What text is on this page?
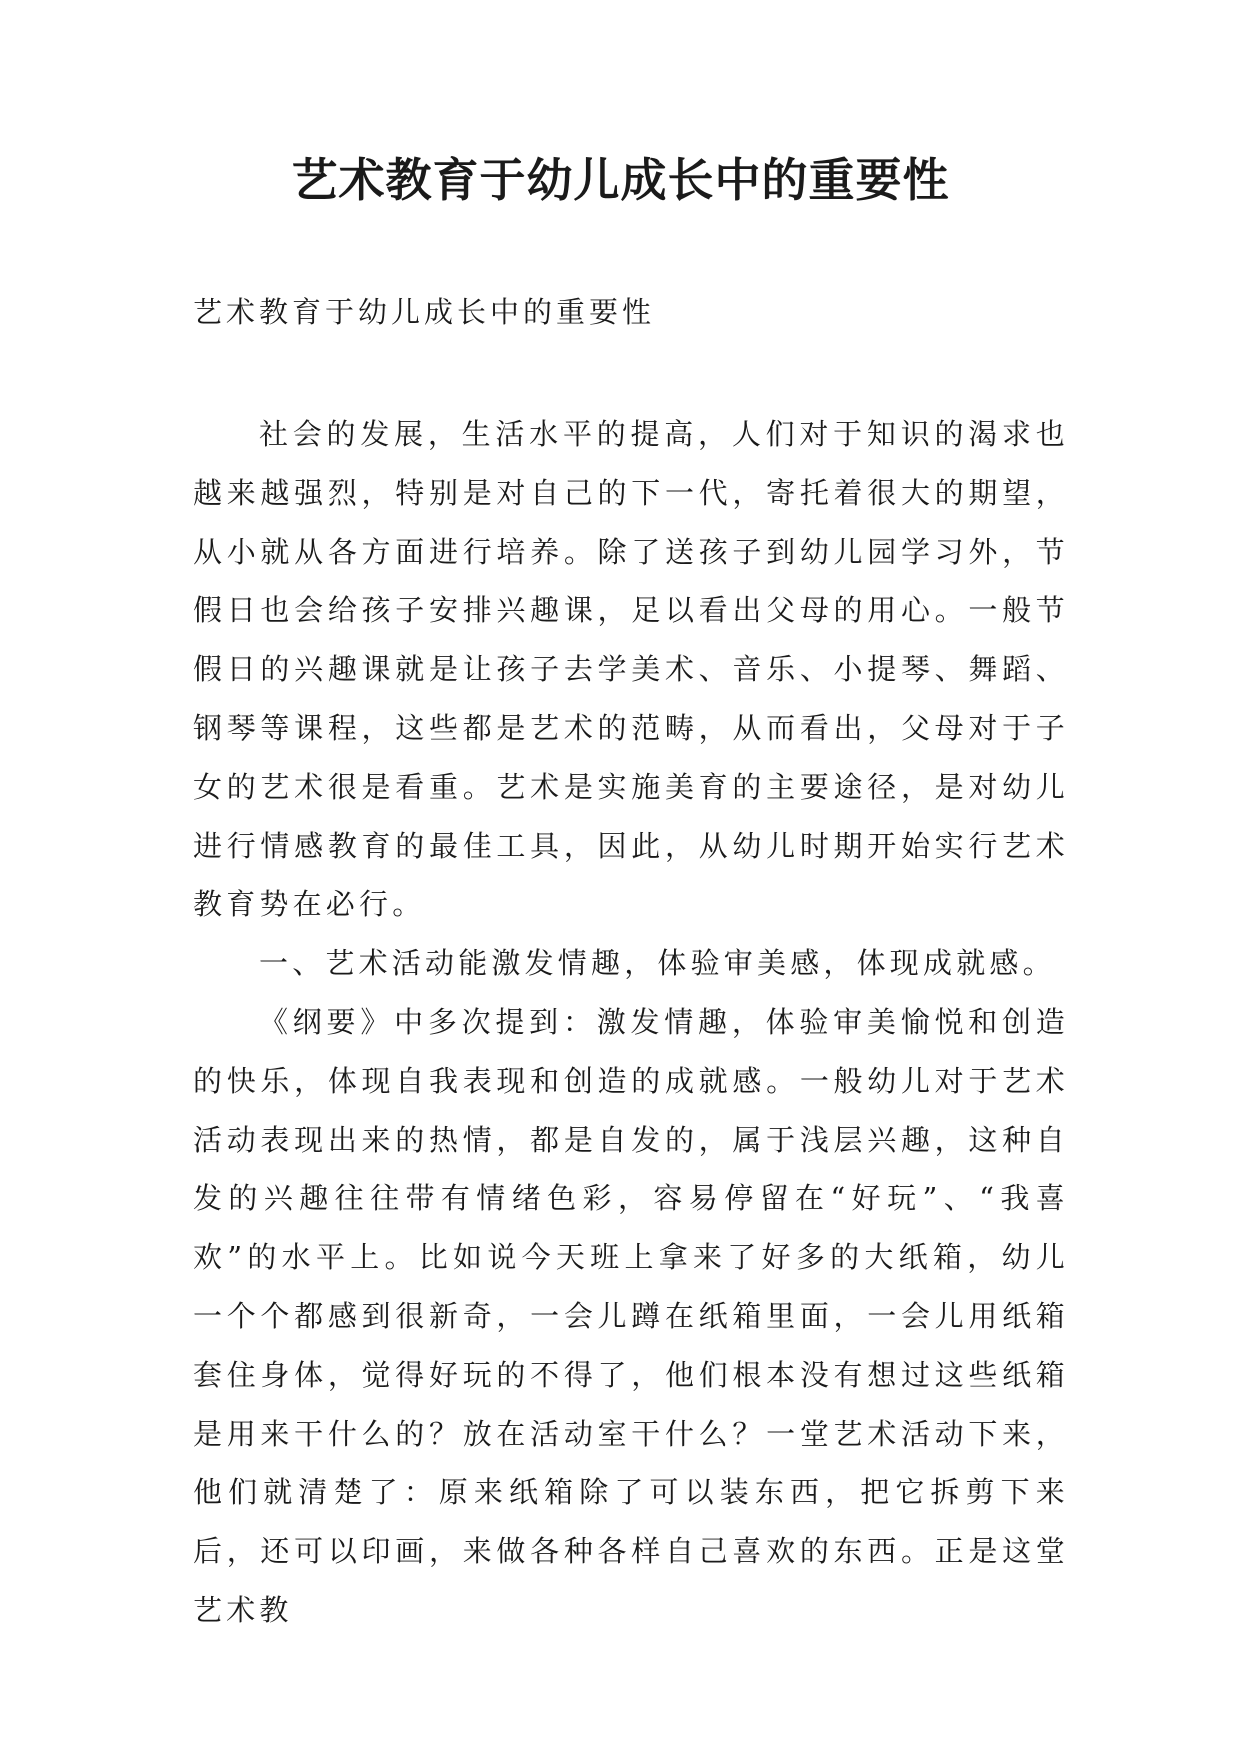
艺术教育于幼儿成长中的重要性

艺术教育于幼儿成长中的重要性

社会的发展，生活水平的提高，人们对于知识的渴求也越来越强烈，特别是对自己的下一代，寄托着很大的期望，从小就从各方面进行培养。除了送孩子到幼儿园学习外，节假日也会给孩子安排兴趣课，足以看出父母的用心。一般节假日的兴趣课就是让孩子去学美术、音乐、小提琴、舞蹈、钢琴等课程，这些都是艺术的范畴，从而看出，父母对于子女的艺术很是看重。艺术是实施美育的主要途径，是对幼儿进行情感教育的最佳工具，因此，从幼儿时期开始实行艺术教育势在必行。

一、艺术活动能激发情趣，体验审美感，体现成就感。

《纲要》中多次提到：激发情趣，体验审美愉悦和创造的快乐，体现自我表现和创造的成就感。一般幼儿对于艺术活动表现出来的热情，都是自发的，属于浅层兴趣，这种自发的兴趣往往带有情绪色彩，容易停留在“好玩”、“我喜欢”的水平上。比如说今天班上拿来了好多的大纸箱，幼儿一个个都感到很新奇，一会儿蹲在纸箱里面，一会儿用纸箱套住身体，觉得好玩的不得了，他们根本没有想过这些纸箱是用来干什么的？放在活动室干什么？一堂艺术活动下来，他们就清楚了：原来纸箱除了可以装东西，把它拆剪下来后，还可以印画，来做各种各样自己喜欢的东西。正是这堂艺术教
